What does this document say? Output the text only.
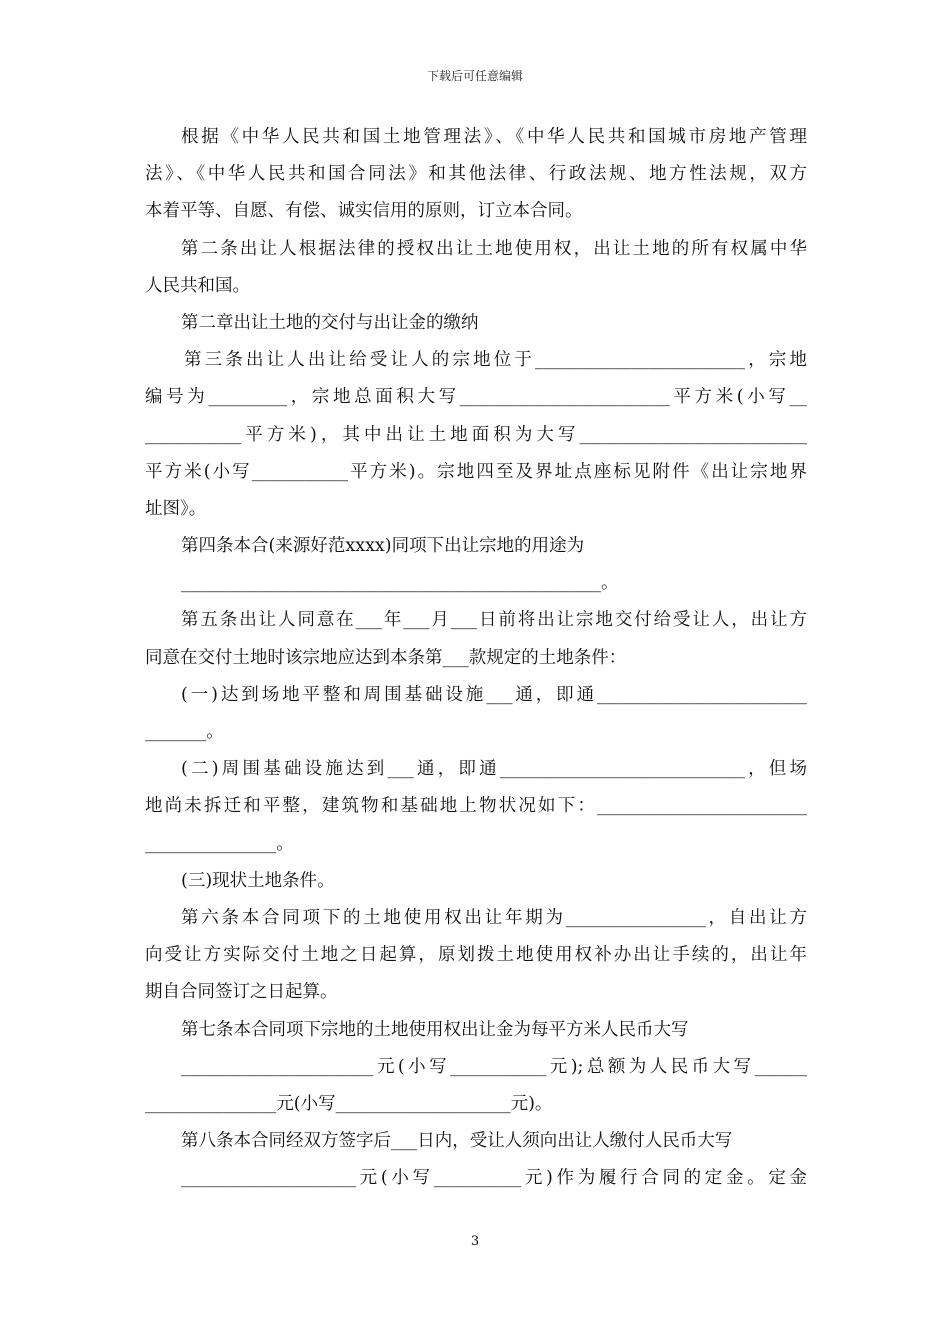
下载后可任意编辑
根据《中华人民共和国土地管理法》、《中华人民共和国城市房地产管理
法》、《中华人民共和国合同法》和其他法律、行政法规、地方性法规，双方
本着平等、自愿、有偿、诚实信用的原则，订立本合同。
第二条出让人根据法律的授权出让土地使用权，出让土地的所有权属中华
人民共和国。
第二章出让土地的交付与出让金的缴纳
第三条出让人出让给受让人的宗地位于________________________，宗地
编号为_________，宗地总面积大写________________________平方米(小写__
___________平方米)，其中出让土地面积为大写__________________________
平方米(小写___________平方米)。宗地四至及界址点座标见附件《出让宗地界
址图》。
第四条本合(来源好范xxxx)同项下出让宗地的用途为
________________________________________________。
第五条出让人同意在___年___月___日前将出让宗地交付给受让人，出让方
同意在交付土地时该宗地应达到本条第___款规定的土地条件：
(一)达到场地平整和周围基础设施___通，即通________________________
_______。
(二)周围基础设施达到___通，即通____________________________，但场
地尚未拆迁和平整，建筑物和基础地上物状况如下：________________________
_______________。
(三)现状土地条件。
第六条本合同项下的土地使用权出让年期为________________，自出让方
向受让方实际交付土地之日起算，原划拨土地使用权补办出让手续的，出让年
期自合同签订之日起算。
第七条本合同项下宗地的土地使用权出让金为每平方米人民币大写
______________________元(小写___________元);总额为人民币大写______
_______________元(小写____________________元)。
第八条本合同经双方签字后___日内，受让人须向出让人缴付人民币大写
____________________元(小写__________元)作为履行合同的定金。定金
3
